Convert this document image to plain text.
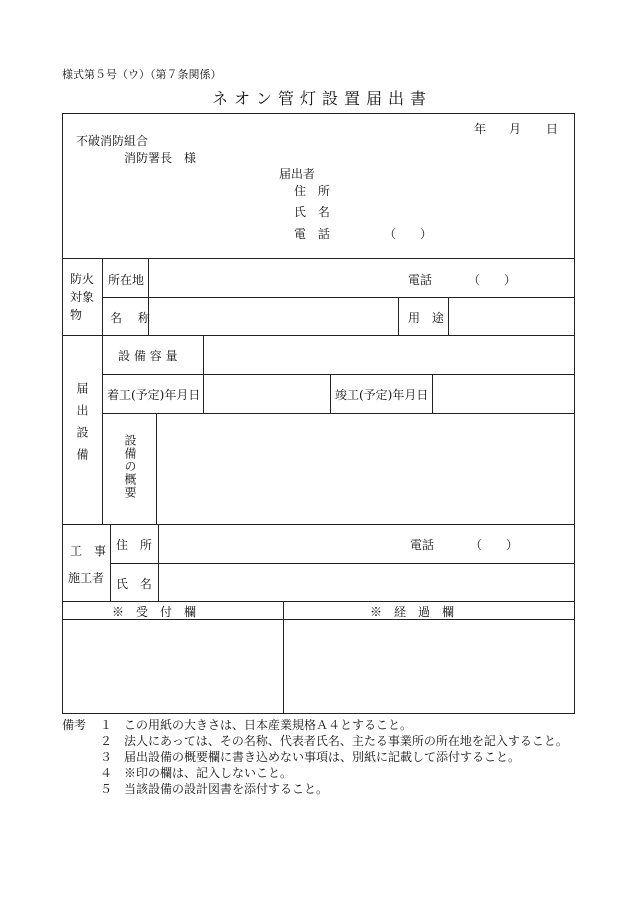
様式第５号（ウ）（第７条関係）
ネオン管灯設置届出書
年 月 日
不破消防組合
消防署長　様
届出者
住 所
氏 名
電 話	（　　）
防火
対象
物
所在地	電話	（　　）
名 称	用 途
届出設備
設 備 容 量
着工(予定)年月日	竣工(予定)年月日
設備の概要
工　事
施工者
住 所	電話	（　　）
氏 名
※　受　付　欄	※　経　過　欄
備考 １ この用紙の大きさは、日本産業規格Ａ４とすること。
２ 法人にあっては、その名称、代表者氏名、主たる事業所の所在地を記入すること。
３ 届出設備の概要欄に書き込めない事項は、別紙に記載して添付すること。
４ ※印の欄は、記入しないこと。
５ 当該設備の設計図書を添付すること。
